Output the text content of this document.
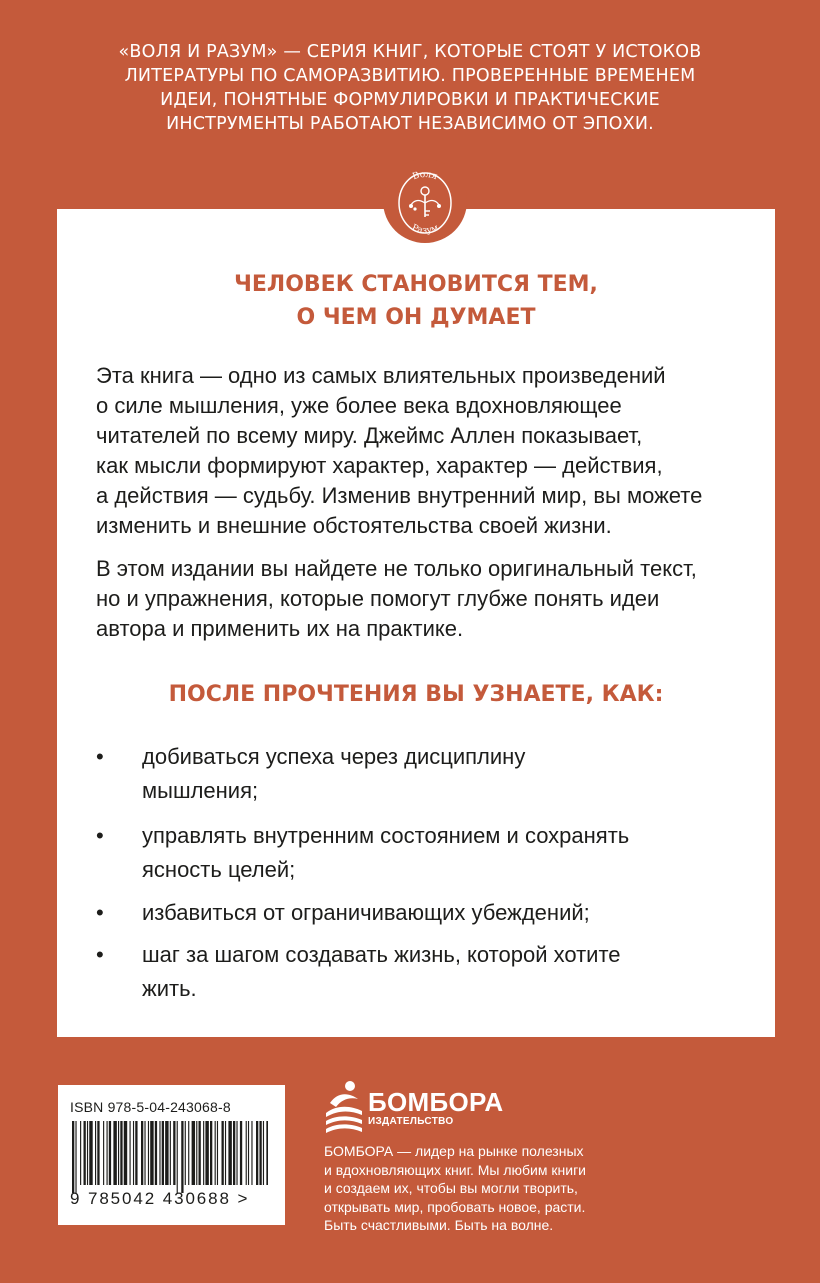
«ВОЛЯ И РАЗУМ» — СЕРИЯ КНИГ, КОТОРЫЕ СТОЯТ У ИСТОКОВ
ЛИТЕРАТУРЫ ПО САМОРАЗВИТИЮ. ПРОВЕРЕННЫЕ ВРЕМЕНЕМ
ИДЕИ, ПОНЯТНЫЕ ФОРМУЛИРОВКИ И ПРАКТИЧЕСКИЕ
ИНСТРУМЕНТЫ РАБОТАЮТ НЕЗАВИСИМО ОТ ЭПОХИ.
Воля
Разум
ЧЕЛОВЕК СТАНОВИТСЯ ТЕМ,
О ЧЕМ ОН ДУМАЕТ
Эта книга — одно из самых влиятельных произведений
о силе мышления, уже более века вдохновляющее
читателей по всему миру. Джеймс Аллен показывает,
как мысли формируют характер, характер — действия,
а действия — судьбу. Изменив внутренний мир, вы можете
изменить и внешние обстоятельства своей жизни.
В этом издании вы найдете не только оригинальный текст,
но и упражнения, которые помогут глубже понять идеи
автора и применить их на практике.
ПОСЛЕ ПРОЧТЕНИЯ ВЫ УЗНАЕТЕ, КАК:
•	добиваться успеха через дисциплину
мышления;
•	управлять внутренним состоянием и сохранять
ясность целей;
•	избавиться от ограничивающих убеждений;
•	шаг за шагом создавать жизнь, которой хотите
жить.
ISBN 978-5-04-243068-8
9 785042 430688 >
БОМБОРА
ИЗДАТЕЛЬСТВО
БОМБОРА — лидер на рынке полезных
и вдохновляющих книг. Мы любим книги
и создаем их, чтобы вы могли творить,
открывать мир, пробовать новое, расти.
Быть счастливыми. Быть на волне.
